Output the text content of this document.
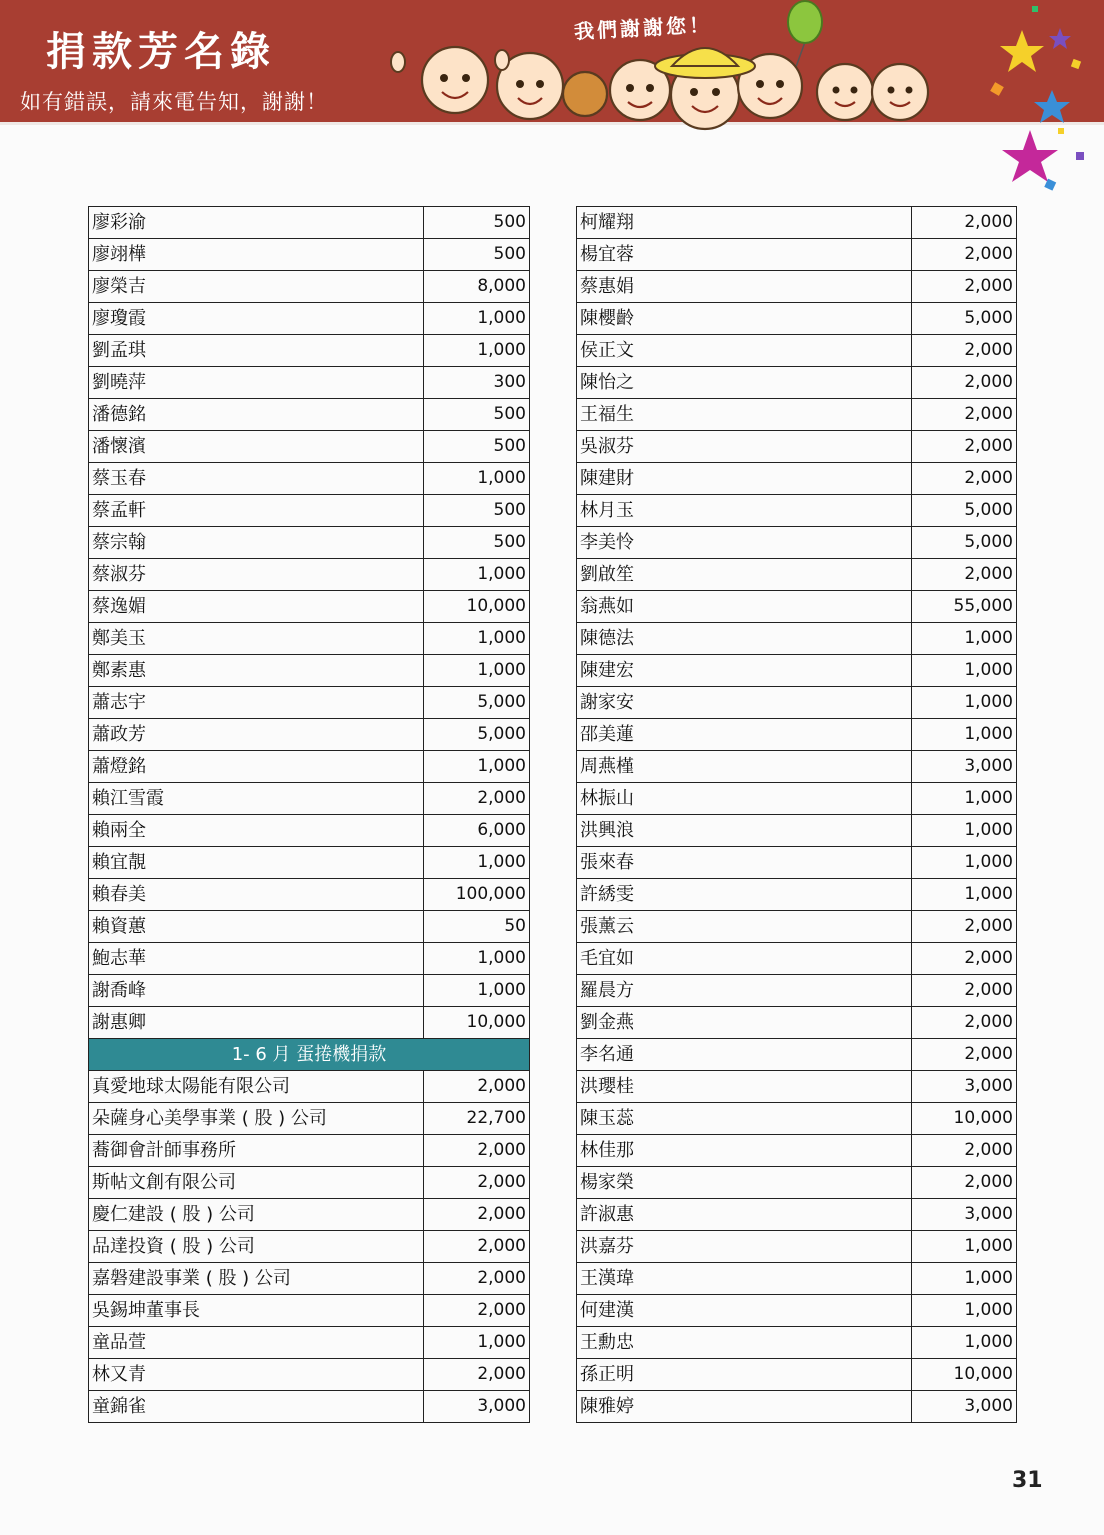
捐款芳名錄
如有錯誤，請來電告知，謝謝！
我們謝謝您！
廖彩渝	500
廖翊樺	500
廖榮吉	8,000
廖瓊霞	1,000
劉孟琪	1,000
劉曉萍	300
潘德銘	500
潘懷濱	500
蔡玉春	1,000
蔡孟軒	500
蔡宗翰	500
蔡淑芬	1,000
蔡逸媚	10,000
鄭美玉	1,000
鄭素惠	1,000
蕭志宇	5,000
蕭政芳	5,000
蕭燈銘	1,000
賴江雪霞	2,000
賴兩全	6,000
賴宜靚	1,000
賴春美	100,000
賴資蕙	50
鮑志華	1,000
謝喬峰	1,000
謝惠卿	10,000
1- 6 月 蛋捲機捐款	
真愛地球太陽能有限公司	2,000
朵薩身心美學事業 ( 股 ) 公司	22,700
蕎御會計師事務所	2,000
斯帖文創有限公司	2,000
慶仁建設 ( 股 ) 公司	2,000
品達投資 ( 股 ) 公司	2,000
嘉磐建設事業 ( 股 ) 公司	2,000
吳錫坤董事長	2,000
童品萱	1,000
林又青	2,000
童錦雀	3,000
柯耀翔	2,000
楊宜蓉	2,000
蔡惠娟	2,000
陳櫻齡	5,000
侯正文	2,000
陳怡之	2,000
王福生	2,000
吳淑芬	2,000
陳建財	2,000
林月玉	5,000
李美怜	5,000
劉啟笙	2,000
翁燕如	55,000
陳德法	1,000
陳建宏	1,000
謝家安	1,000
邵美蓮	1,000
周燕槿	3,000
林振山	1,000
洪興浪	1,000
張來春	1,000
許綉雯	1,000
張薰云	2,000
毛宜如	2,000
羅晨方	2,000
劉金燕	2,000
李名通	2,000
洪瓔桂	3,000
陳玉蕊	10,000
林佳那	2,000
楊家榮	2,000
許淑惠	3,000
洪嘉芬	1,000
王漢瑋	1,000
何建漢	1,000
王勳忠	1,000
孫正明	10,000
陳雅婷	3,000
31
